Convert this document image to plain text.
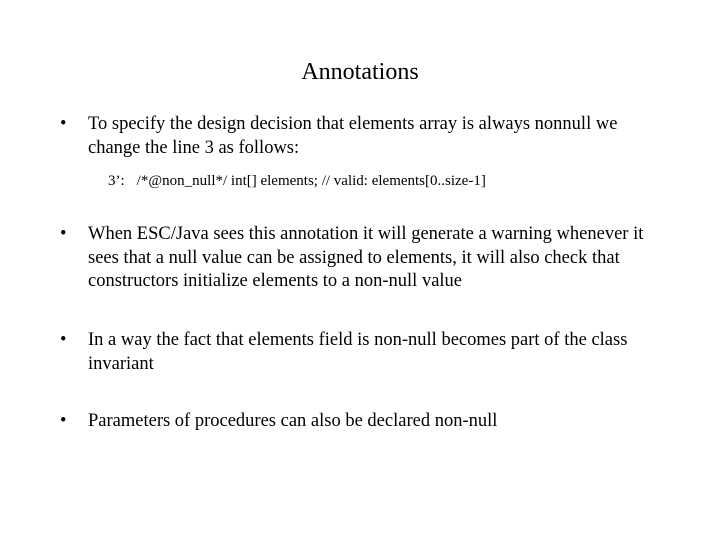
Annotations
•	To specify the design decision that elements array is always nonnull we change the line 3 as follows:
3’: /*@non_null*/ int[] elements; // valid: elements[0..size-1]
•	When ESC/Java sees this annotation it will generate a warning whenever it sees that a null value can be assigned to elements, it will also check that constructors initialize elements to a non-null value
•	In a way the fact that elements field is non-null becomes part of the class invariant
•	Parameters of procedures can also be declared non-null
